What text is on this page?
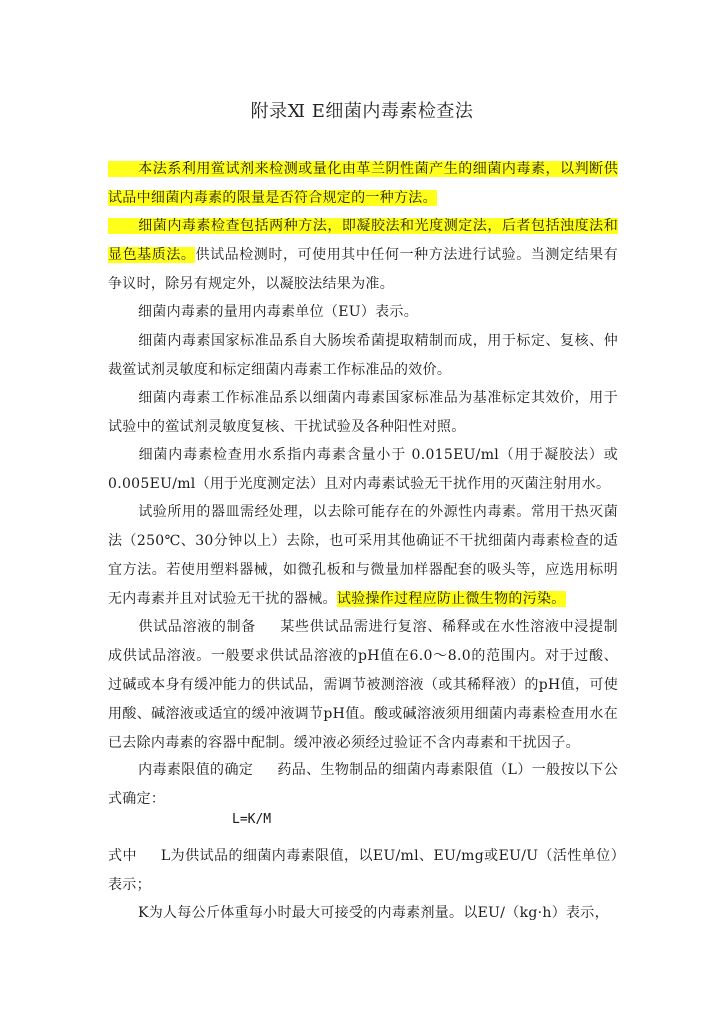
附录Ⅺ E细菌内毒素检查法
本法系利用鲎试剂来检测或量化由革兰阴性菌产生的细菌内毒素，以判断供试品中细菌内毒素的限量是否符合规定的一种方法。
细菌内毒素检查包括两种方法，即凝胶法和光度测定法，后者包括浊度法和显色基质法。供试品检测时，可使用其中任何一种方法进行试验。当测定结果有争议时，除另有规定外，以凝胶法结果为准。
细菌内毒素的量用内毒素单位（EU）表示。
细菌内毒素国家标准品系自大肠埃希菌提取精制而成，用于标定、复核、仲裁鲎试剂灵敏度和标定细菌内毒素工作标准品的效价。
细菌内毒素工作标准品系以细菌内毒素国家标准品为基准标定其效价，用于试验中的鲎试剂灵敏度复核、干扰试验及各种阳性对照。
细菌内毒素检查用水系指内毒素含量小于 0.015EU/ml（用于凝胶法）或0.005EU/ml（用于光度测定法）且对内毒素试验无干扰作用的灭菌注射用水。
试验所用的器皿需经处理，以去除可能存在的外源性内毒素。常用干热灭菌法（250℃、30分钟以上）去除，也可采用其他确证不干扰细菌内毒素检查的适宜方法。若使用塑料器械，如微孔板和与微量加样器配套的吸头等，应选用标明无内毒素并且对试验无干扰的器械。试验操作过程应防止微生物的污染。
供试品溶液的制备 某些供试品需进行复溶、稀释或在水性溶液中浸提制成供试品溶液。一般要求供试品溶液的pH值在6.0～8.0的范围内。对于过酸、过碱或本身有缓冲能力的供试品，需调节被测溶液（或其稀释液）的pH值，可使用酸、碱溶液或适宜的缓冲液调节pH值。酸或碱溶液须用细菌内毒素检查用水在已去除内毒素的容器中配制。缓冲液必须经过验证不含内毒素和干扰因子。
内毒素限值的确定 药品、生物制品的细菌内毒素限值（L）一般按以下公式确定：
L=K/M
式中 L为供试品的细菌内毒素限值，以EU/ml、EU/mg或EU/U（活性单位）表示；
K为人每公斤体重每小时最大可接受的内毒素剂量。以EU/（kg·h）表示，
